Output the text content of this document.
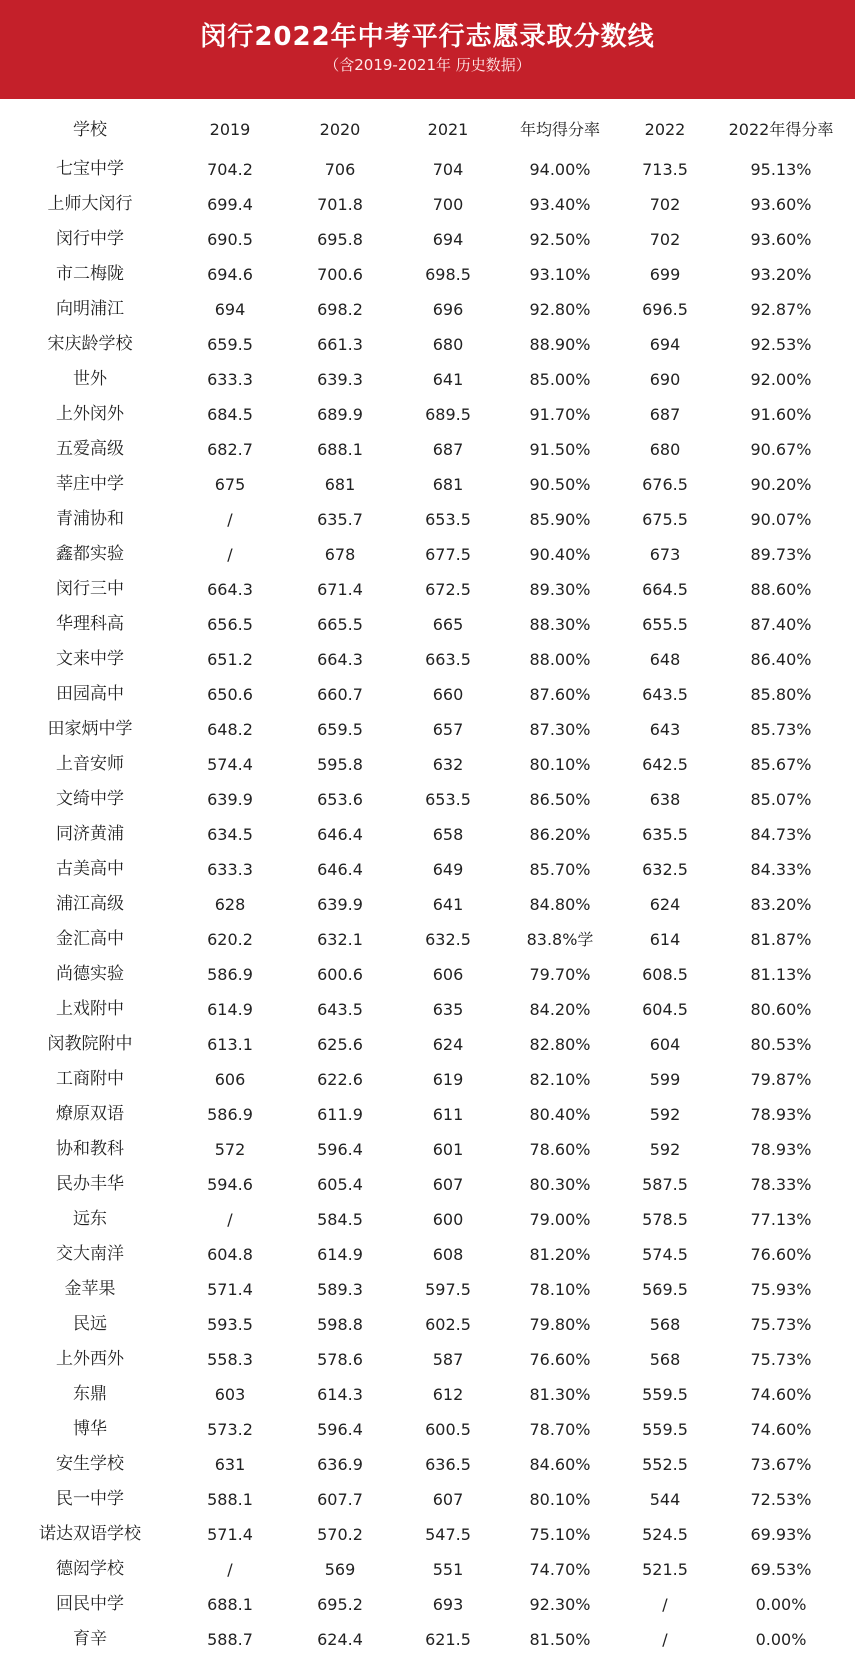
闵行2022年中考平行志愿录取分数线
（含2019-2021年 历史数据）
学校	2019	2020	2021	年均得分率	2022	2022年得分率
七宝中学	704.2	706	704	94.00%	713.5	95.13%
上师大闵行	699.4	701.8	700	93.40%	702	93.60%
闵行中学	690.5	695.8	694	92.50%	702	93.60%
市二梅陇	694.6	700.6	698.5	93.10%	699	93.20%
向明浦江	694	698.2	696	92.80%	696.5	92.87%
宋庆龄学校	659.5	661.3	680	88.90%	694	92.53%
世外	633.3	639.3	641	85.00%	690	92.00%
上外闵外	684.5	689.9	689.5	91.70%	687	91.60%
五爱高级	682.7	688.1	687	91.50%	680	90.67%
莘庄中学	675	681	681	90.50%	676.5	90.20%
青浦协和	/	635.7	653.5	85.90%	675.5	90.07%
鑫都实验	/	678	677.5	90.40%	673	89.73%
闵行三中	664.3	671.4	672.5	89.30%	664.5	88.60%
华理科高	656.5	665.5	665	88.30%	655.5	87.40%
文来中学	651.2	664.3	663.5	88.00%	648	86.40%
田园高中	650.6	660.7	660	87.60%	643.5	85.80%
田家炳中学	648.2	659.5	657	87.30%	643	85.73%
上音安师	574.4	595.8	632	80.10%	642.5	85.67%
文绮中学	639.9	653.6	653.5	86.50%	638	85.07%
同济黄浦	634.5	646.4	658	86.20%	635.5	84.73%
古美高中	633.3	646.4	649	85.70%	632.5	84.33%
浦江高级	628	639.9	641	84.80%	624	83.20%
金汇高中	620.2	632.1	632.5	83.8%学	614	81.87%
尚德实验	586.9	600.6	606	79.70%	608.5	81.13%
上戏附中	614.9	643.5	635	84.20%	604.5	80.60%
闵教院附中	613.1	625.6	624	82.80%	604	80.53%
工商附中	606	622.6	619	82.10%	599	79.87%
燎原双语	586.9	611.9	611	80.40%	592	78.93%
协和教科	572	596.4	601	78.60%	592	78.93%
民办丰华	594.6	605.4	607	80.30%	587.5	78.33%
远东	/	584.5	600	79.00%	578.5	77.13%
交大南洋	604.8	614.9	608	81.20%	574.5	76.60%
金苹果	571.4	589.3	597.5	78.10%	569.5	75.93%
民远	593.5	598.8	602.5	79.80%	568	75.73%
上外西外	558.3	578.6	587	76.60%	568	75.73%
东鼎	603	614.3	612	81.30%	559.5	74.60%
博华	573.2	596.4	600.5	78.70%	559.5	74.60%
安生学校	631	636.9	636.5	84.60%	552.5	73.67%
民一中学	588.1	607.7	607	80.10%	544	72.53%
诺达双语学校	571.4	570.2	547.5	75.10%	524.5	69.93%
德闳学校	/	569	551	74.70%	521.5	69.53%
回民中学	688.1	695.2	693	92.30%	/	0.00%
育辛	588.7	624.4	621.5	81.50%	/	0.00%
